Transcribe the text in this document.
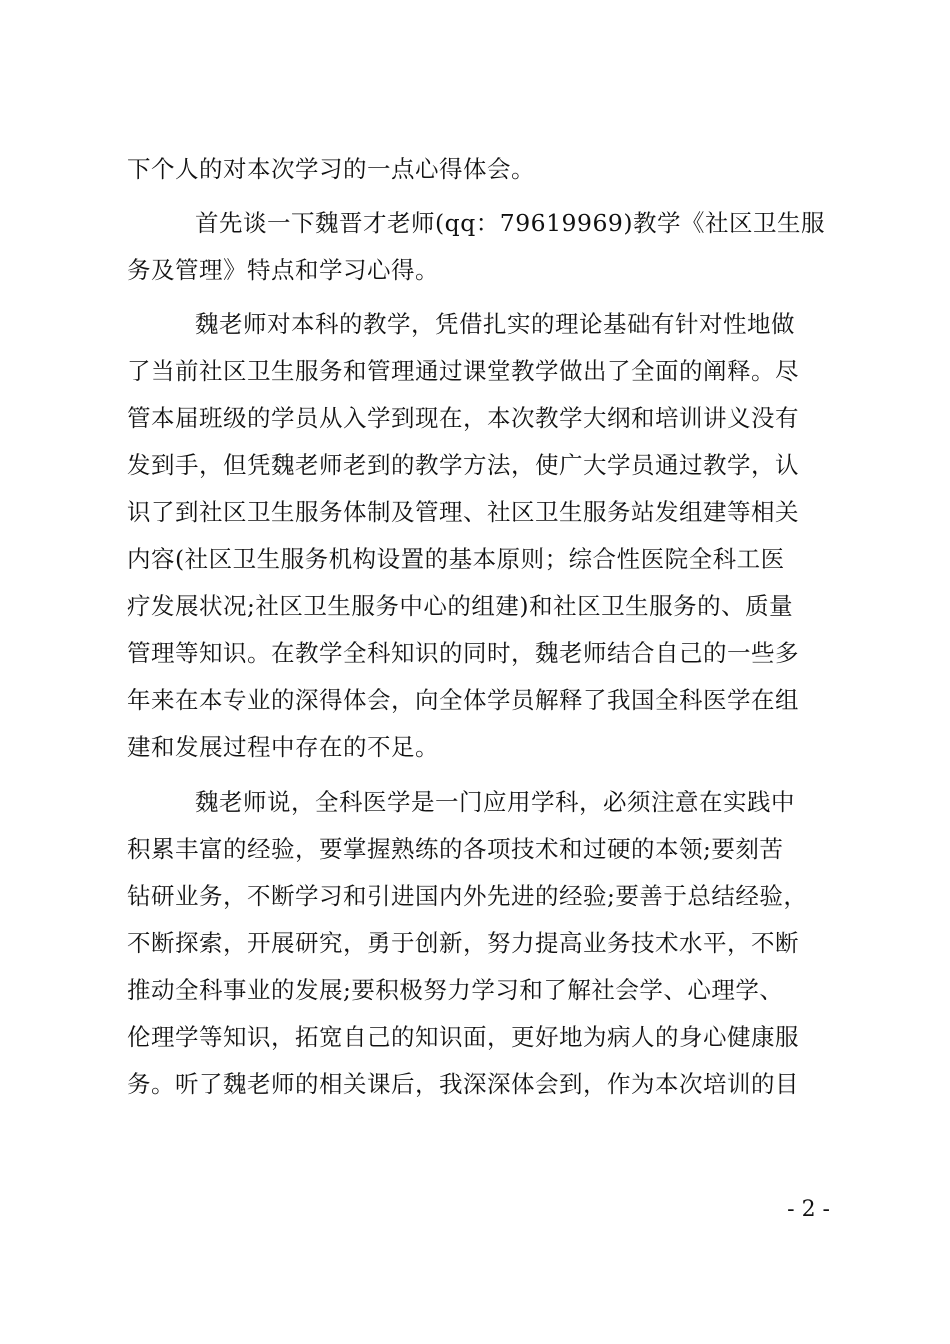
下个人的对本次学习的一点心得体会。
首先谈一下魏晋才老师(qq：79619969)教学《社区卫生服
务及管理》特点和学习心得。
魏老师对本科的教学，凭借扎实的理论基础有针对性地做
了当前社区卫生服务和管理通过课堂教学做出了全面的阐释。尽
管本届班级的学员从入学到现在，本次教学大纲和培训讲义没有
发到手，但凭魏老师老到的教学方法，使广大学员通过教学，认
识了到社区卫生服务体制及管理、社区卫生服务站发组建等相关
内容(社区卫生服务机构设置的基本原则；综合性医院全科工医
疗发展状况;社区卫生服务中心的组建)和社区卫生服务的、质量
管理等知识。在教学全科知识的同时，魏老师结合自己的一些多
年来在本专业的深得体会，向全体学员解释了我国全科医学在组
建和发展过程中存在的不足。
魏老师说，全科医学是一门应用学科，必须注意在实践中
积累丰富的经验，要掌握熟练的各项技术和过硬的本领;要刻苦
钻研业务，不断学习和引进国内外先进的经验;要善于总结经验，
不断探索，开展研究，勇于创新，努力提高业务技术水平，不断
推动全科事业的发展;要积极努力学习和了解社会学、心理学、
伦理学等知识，拓宽自己的知识面，更好地为病人的身心健康服
务。听了魏老师的相关课后，我深深体会到，作为本次培训的目
- 2 -
